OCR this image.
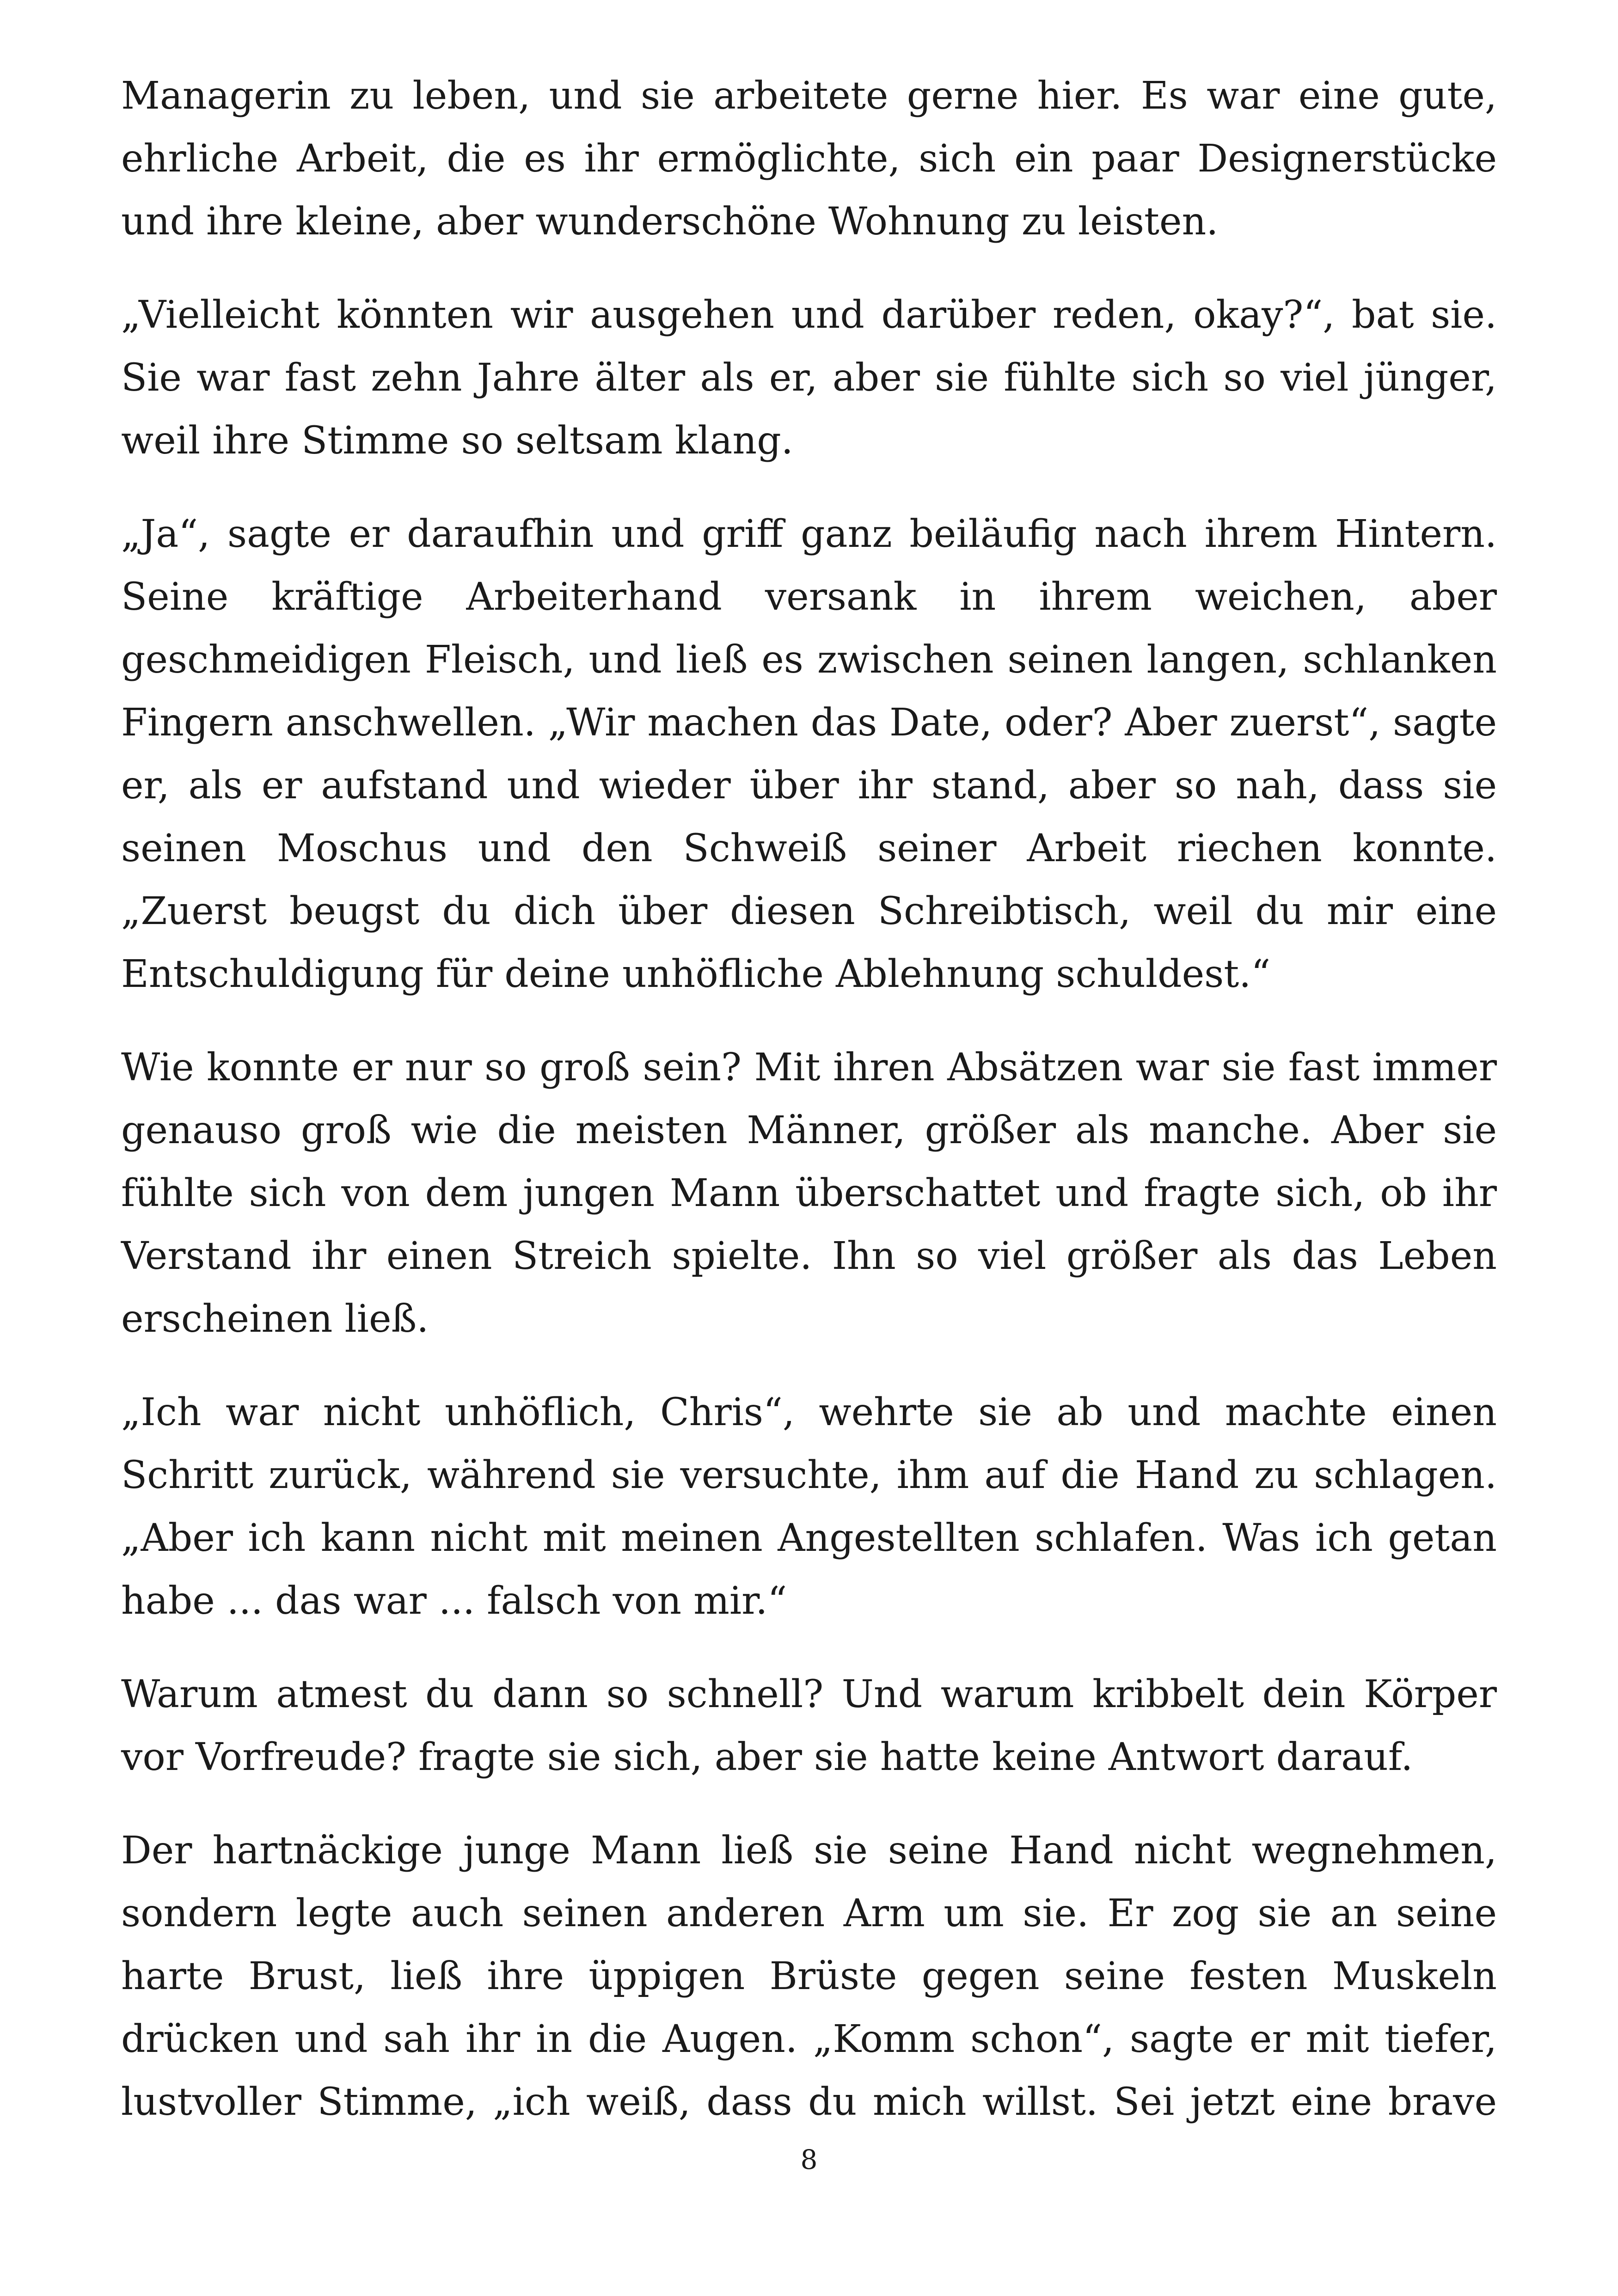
Managerin zu leben, und sie arbeitete gerne hier. Es war eine gute, ehrliche Arbeit, die es ihr ermöglichte, sich ein paar Designerstücke und ihre kleine, aber wunderschöne Wohnung zu leisten.

„Vielleicht könnten wir ausgehen und darüber reden, okay?“, bat sie. Sie war fast zehn Jahre älter als er, aber sie fühlte sich so viel jünger, weil ihre Stimme so seltsam klang.

„Ja“, sagte er daraufhin und griff ganz beiläufig nach ihrem Hintern. Seine kräftige Arbeiterhand versank in ihrem weichen, aber geschmeidigen Fleisch, und ließ es zwischen seinen langen, schlanken Fingern anschwellen. „Wir machen das Date, oder? Aber zuerst“, sagte er, als er aufstand und wieder über ihr stand, aber so nah, dass sie seinen Moschus und den Schweiß seiner Arbeit riechen konnte. „Zuerst beugst du dich über diesen Schreibtisch, weil du mir eine Entschuldigung für deine unhöfliche Ablehnung schuldest.“

Wie konnte er nur so groß sein? Mit ihren Absätzen war sie fast immer genauso groß wie die meisten Männer, größer als manche. Aber sie fühlte sich von dem jungen Mann überschattet und fragte sich, ob ihr Verstand ihr einen Streich spielte. Ihn so viel größer als das Leben erscheinen ließ.

„Ich war nicht unhöflich, Chris“, wehrte sie ab und machte einen Schritt zurück, während sie versuchte, ihm auf die Hand zu schlagen. „Aber ich kann nicht mit meinen Angestellten schlafen. Was ich getan habe ... das war ... falsch von mir.“

Warum atmest du dann so schnell? Und warum kribbelt dein Körper vor Vorfreude? fragte sie sich, aber sie hatte keine Antwort darauf.

Der hartnäckige junge Mann ließ sie seine Hand nicht wegnehmen, sondern legte auch seinen anderen Arm um sie. Er zog sie an seine harte Brust, ließ ihre üppigen Brüste gegen seine festen Muskeln drücken und sah ihr in die Augen. „Komm schon“, sagte er mit tiefer, lustvoller Stimme, „ich weiß, dass du mich willst. Sei jetzt eine brave

8
